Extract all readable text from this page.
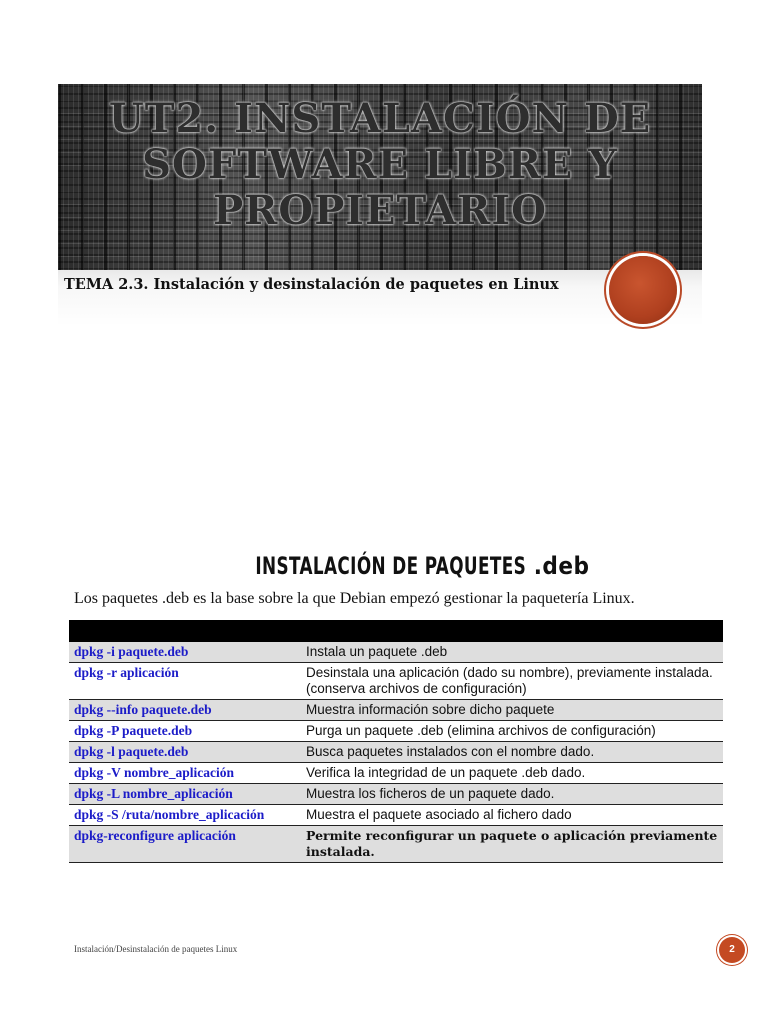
UT2. INSTALACIÓN DE SOFTWARE LIBRE Y PROPIETARIO

TEMA 2.3. Instalación y desinstalación de paquetes en Linux

INSTALACIÓN DE PAQUETES .deb

Los paquetes .deb es la base sobre la que Debian empezó gestionar la paquetería Linux.

dpkg -i paquete.deb	Instala un paquete .deb
dpkg -r aplicación	Desinstala una aplicación (dado su nombre), previamente instalada. (conserva archivos de configuración)
dpkg --info paquete.deb	Muestra información sobre dicho paquete
dpkg -P paquete.deb	Purga un paquete .deb (elimina archivos de configuración)
dpkg -l paquete.deb	Busca paquetes instalados con el nombre dado.
dpkg -V nombre_aplicación	Verifica la integridad de un paquete .deb dado.
dpkg -L nombre_aplicación	Muestra los ficheros de un paquete dado.
dpkg -S /ruta/nombre_aplicación	Muestra el paquete asociado al fichero dado
dpkg-reconfigure aplicación	Permite reconfigurar un paquete o aplicación previamente instalada.

Instalación/Desinstalación de paquetes Linux	2
